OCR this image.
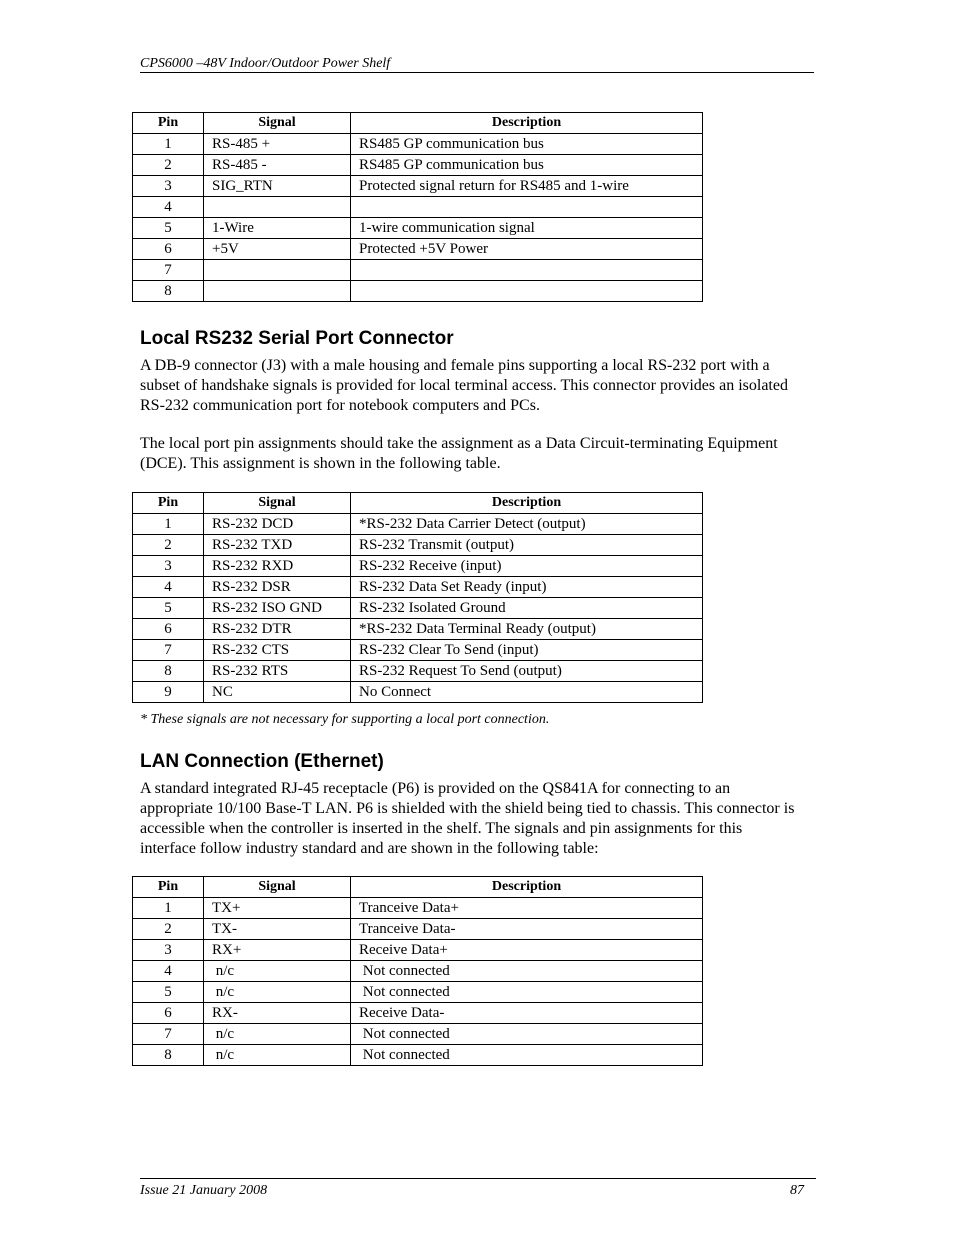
CPS6000 –48V Indoor/Outdoor Power Shelf
Pin	Signal	Description
1	RS-485 +	RS485 GP communication bus
2	RS-485 -	RS485 GP communication bus
3	SIG_RTN	Protected signal return for RS485 and 1-wire
4		
5	1-Wire	1-wire communication signal
6	+5V	Protected +5V Power
7		
8		
Local RS232 Serial Port Connector

A DB-9 connector (J3) with a male housing and female pins supporting a local RS-232 port with a subset of handshake signals is provided for local terminal access. This connector provides an isolated RS-232 communication port for notebook computers and PCs.

The local port pin assignments should take the assignment as a Data Circuit-terminating Equipment (DCE). This assignment is shown in the following table.

Pin	Signal	Description
1	RS-232 DCD	*RS-232 Data Carrier Detect (output)
2	RS-232 TXD	RS-232 Transmit (output)
3	RS-232 RXD	RS-232 Receive (input)
4	RS-232 DSR	RS-232 Data Set Ready (input)
5	RS-232 ISO GND	RS-232 Isolated Ground
6	RS-232 DTR	*RS-232 Data Terminal Ready (output)
7	RS-232 CTS	RS-232 Clear To Send (input)
8	RS-232 RTS	RS-232 Request To Send (output)
9	NC	No Connect

* These signals are not necessary for supporting a local port connection.

LAN Connection (Ethernet)

A standard integrated RJ-45 receptacle (P6) is provided on the QS841A for connecting to an appropriate 10/100 Base-T LAN. P6 is shielded with the shield being tied to chassis. This connector is accessible when the controller is inserted in the shelf. The signals and pin assignments for this interface follow industry standard and are shown in the following table:

Pin	Signal	Description
1	TX+	Tranceive Data+
2	TX-	Tranceive Data-
3	RX+	Receive Data+
4	n/c	Not connected
5	n/c	Not connected
6	RX-	Receive Data-
7	n/c	Not connected
8	n/c	Not connected
Issue 21 January 2008	87
